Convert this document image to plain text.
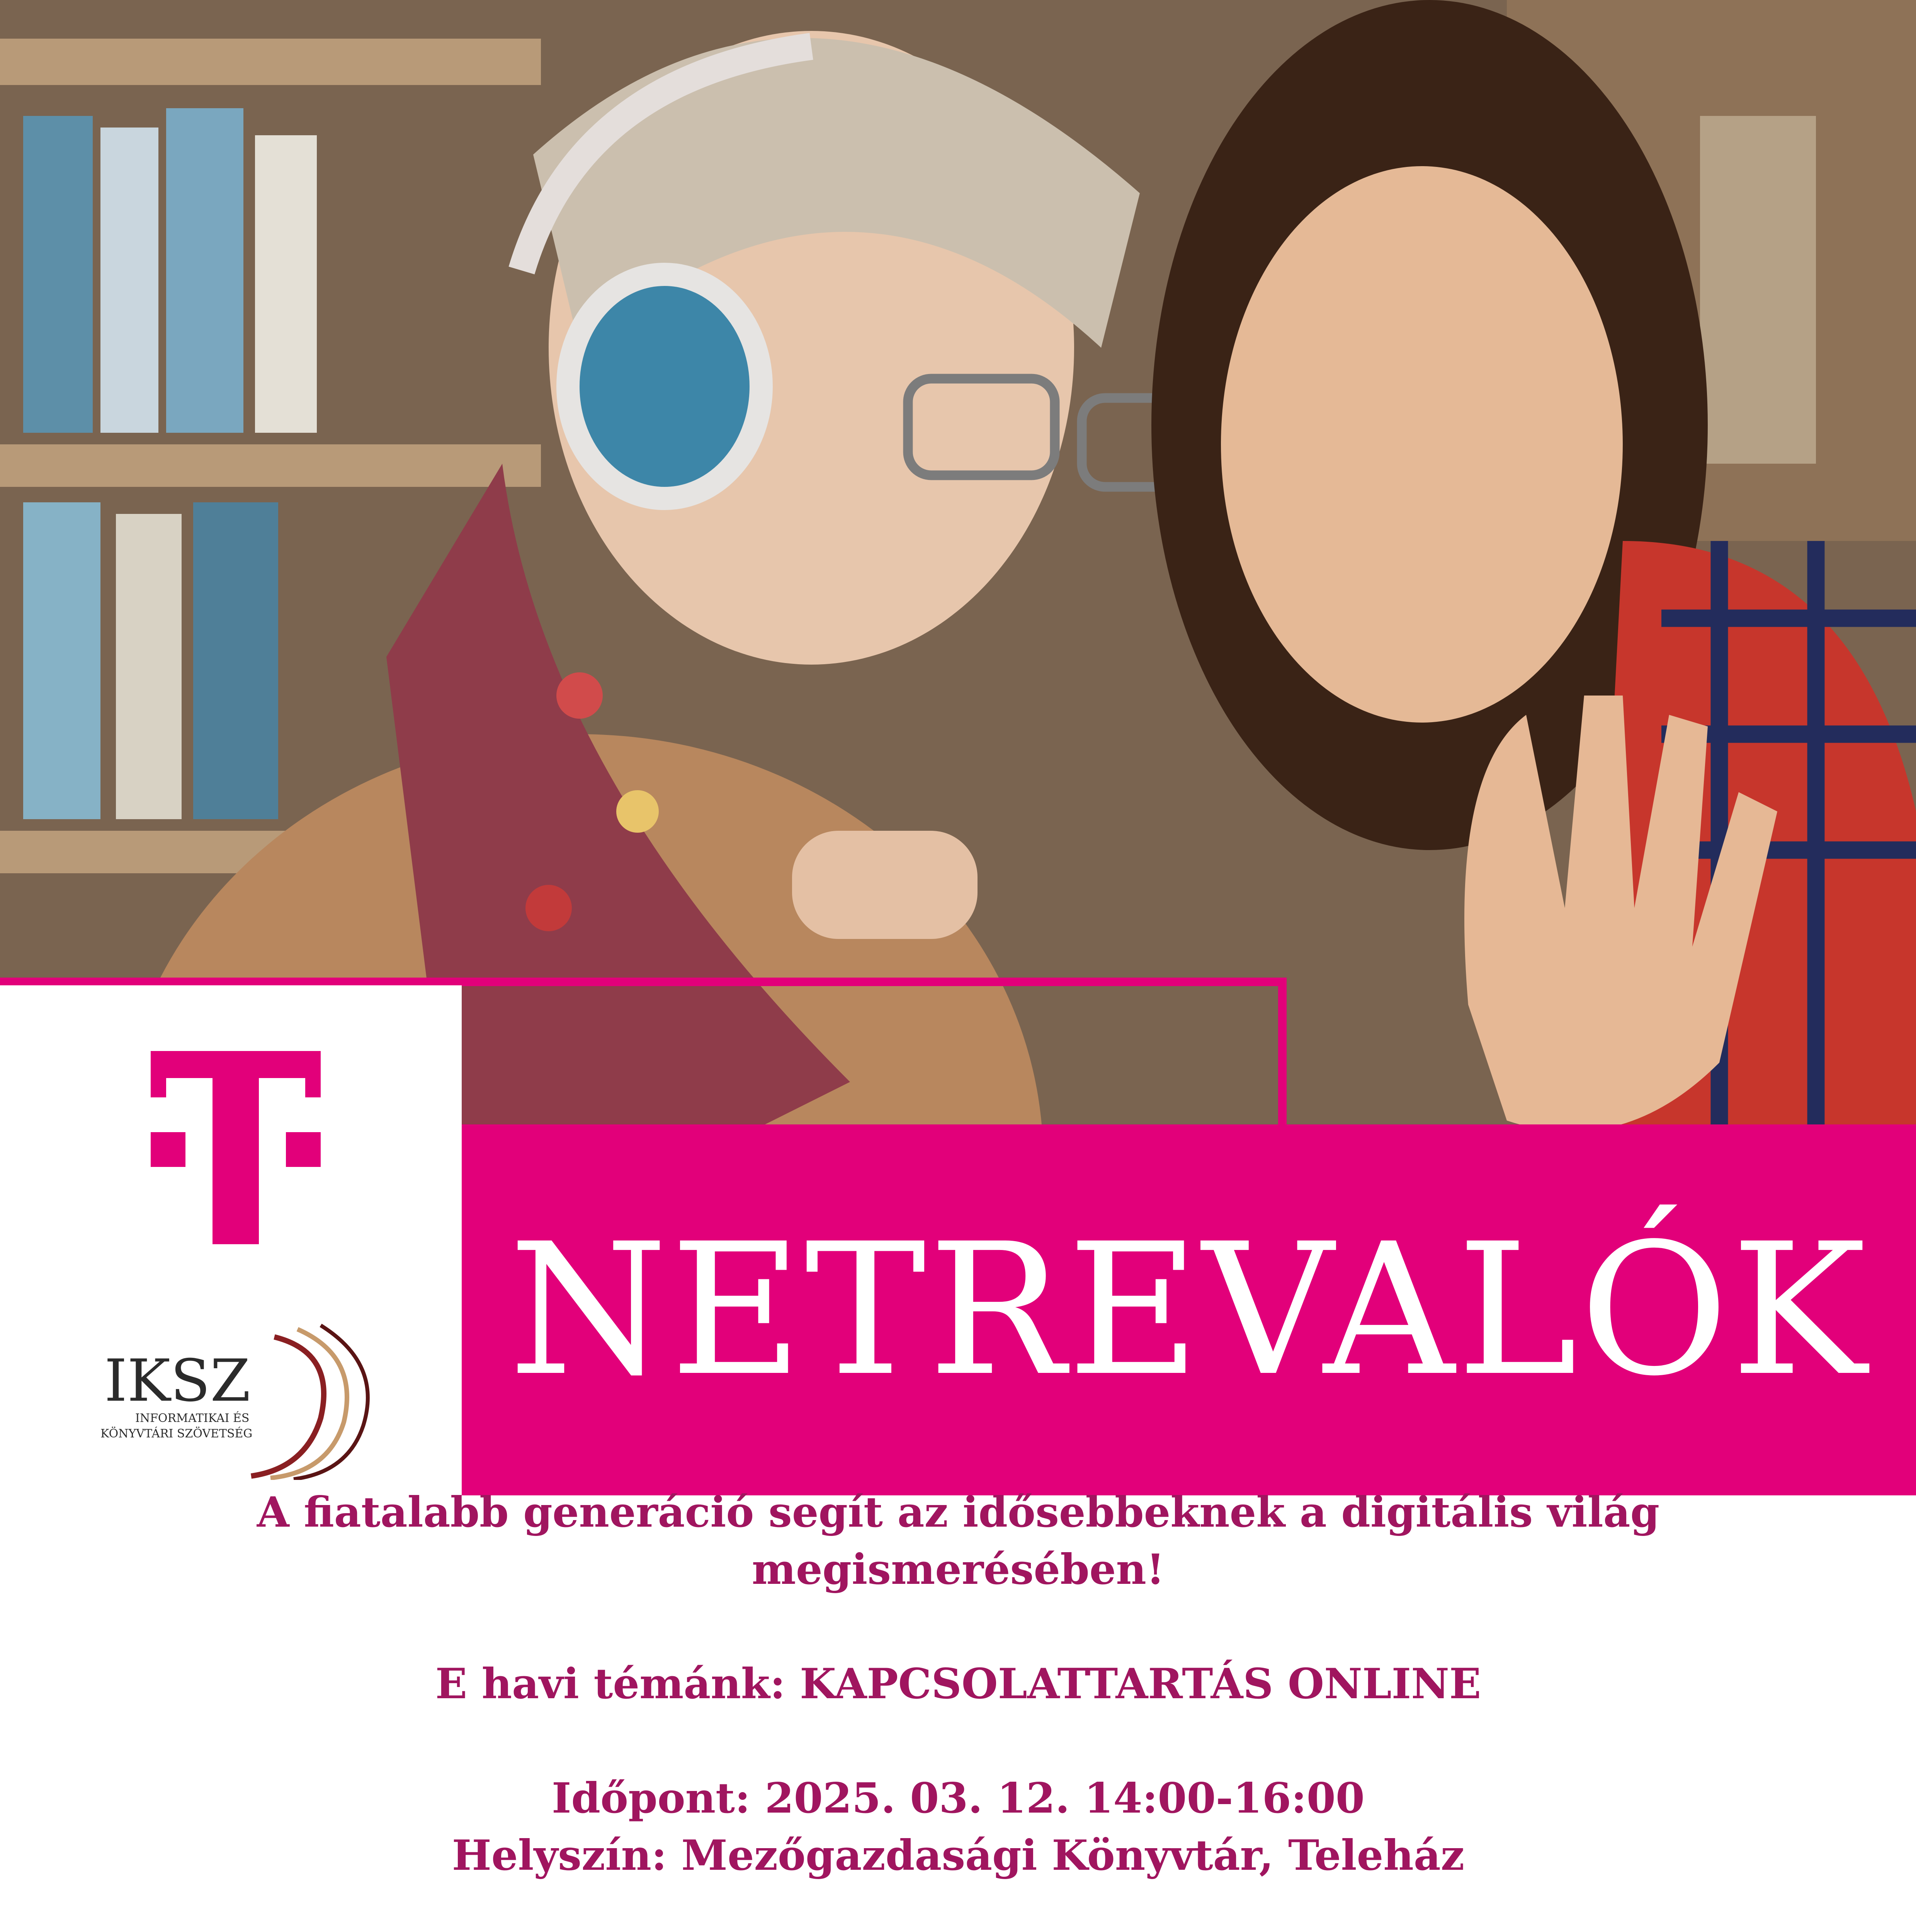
IKSZ
INFORMATIKAI ÉS
KÖNYVTÁRI SZÖVETSÉG
NETREVALÓK

A fiatalabb generáció segít az idősebbeknek a digitális világ

megismerésében!

E havi témánk: KAPCSOLATTARTÁS ONLINE

Időpont: 2025. 03. 12. 14:00-16:00

Helyszín: Mezőgazdasági Könyvtár, Teleház
